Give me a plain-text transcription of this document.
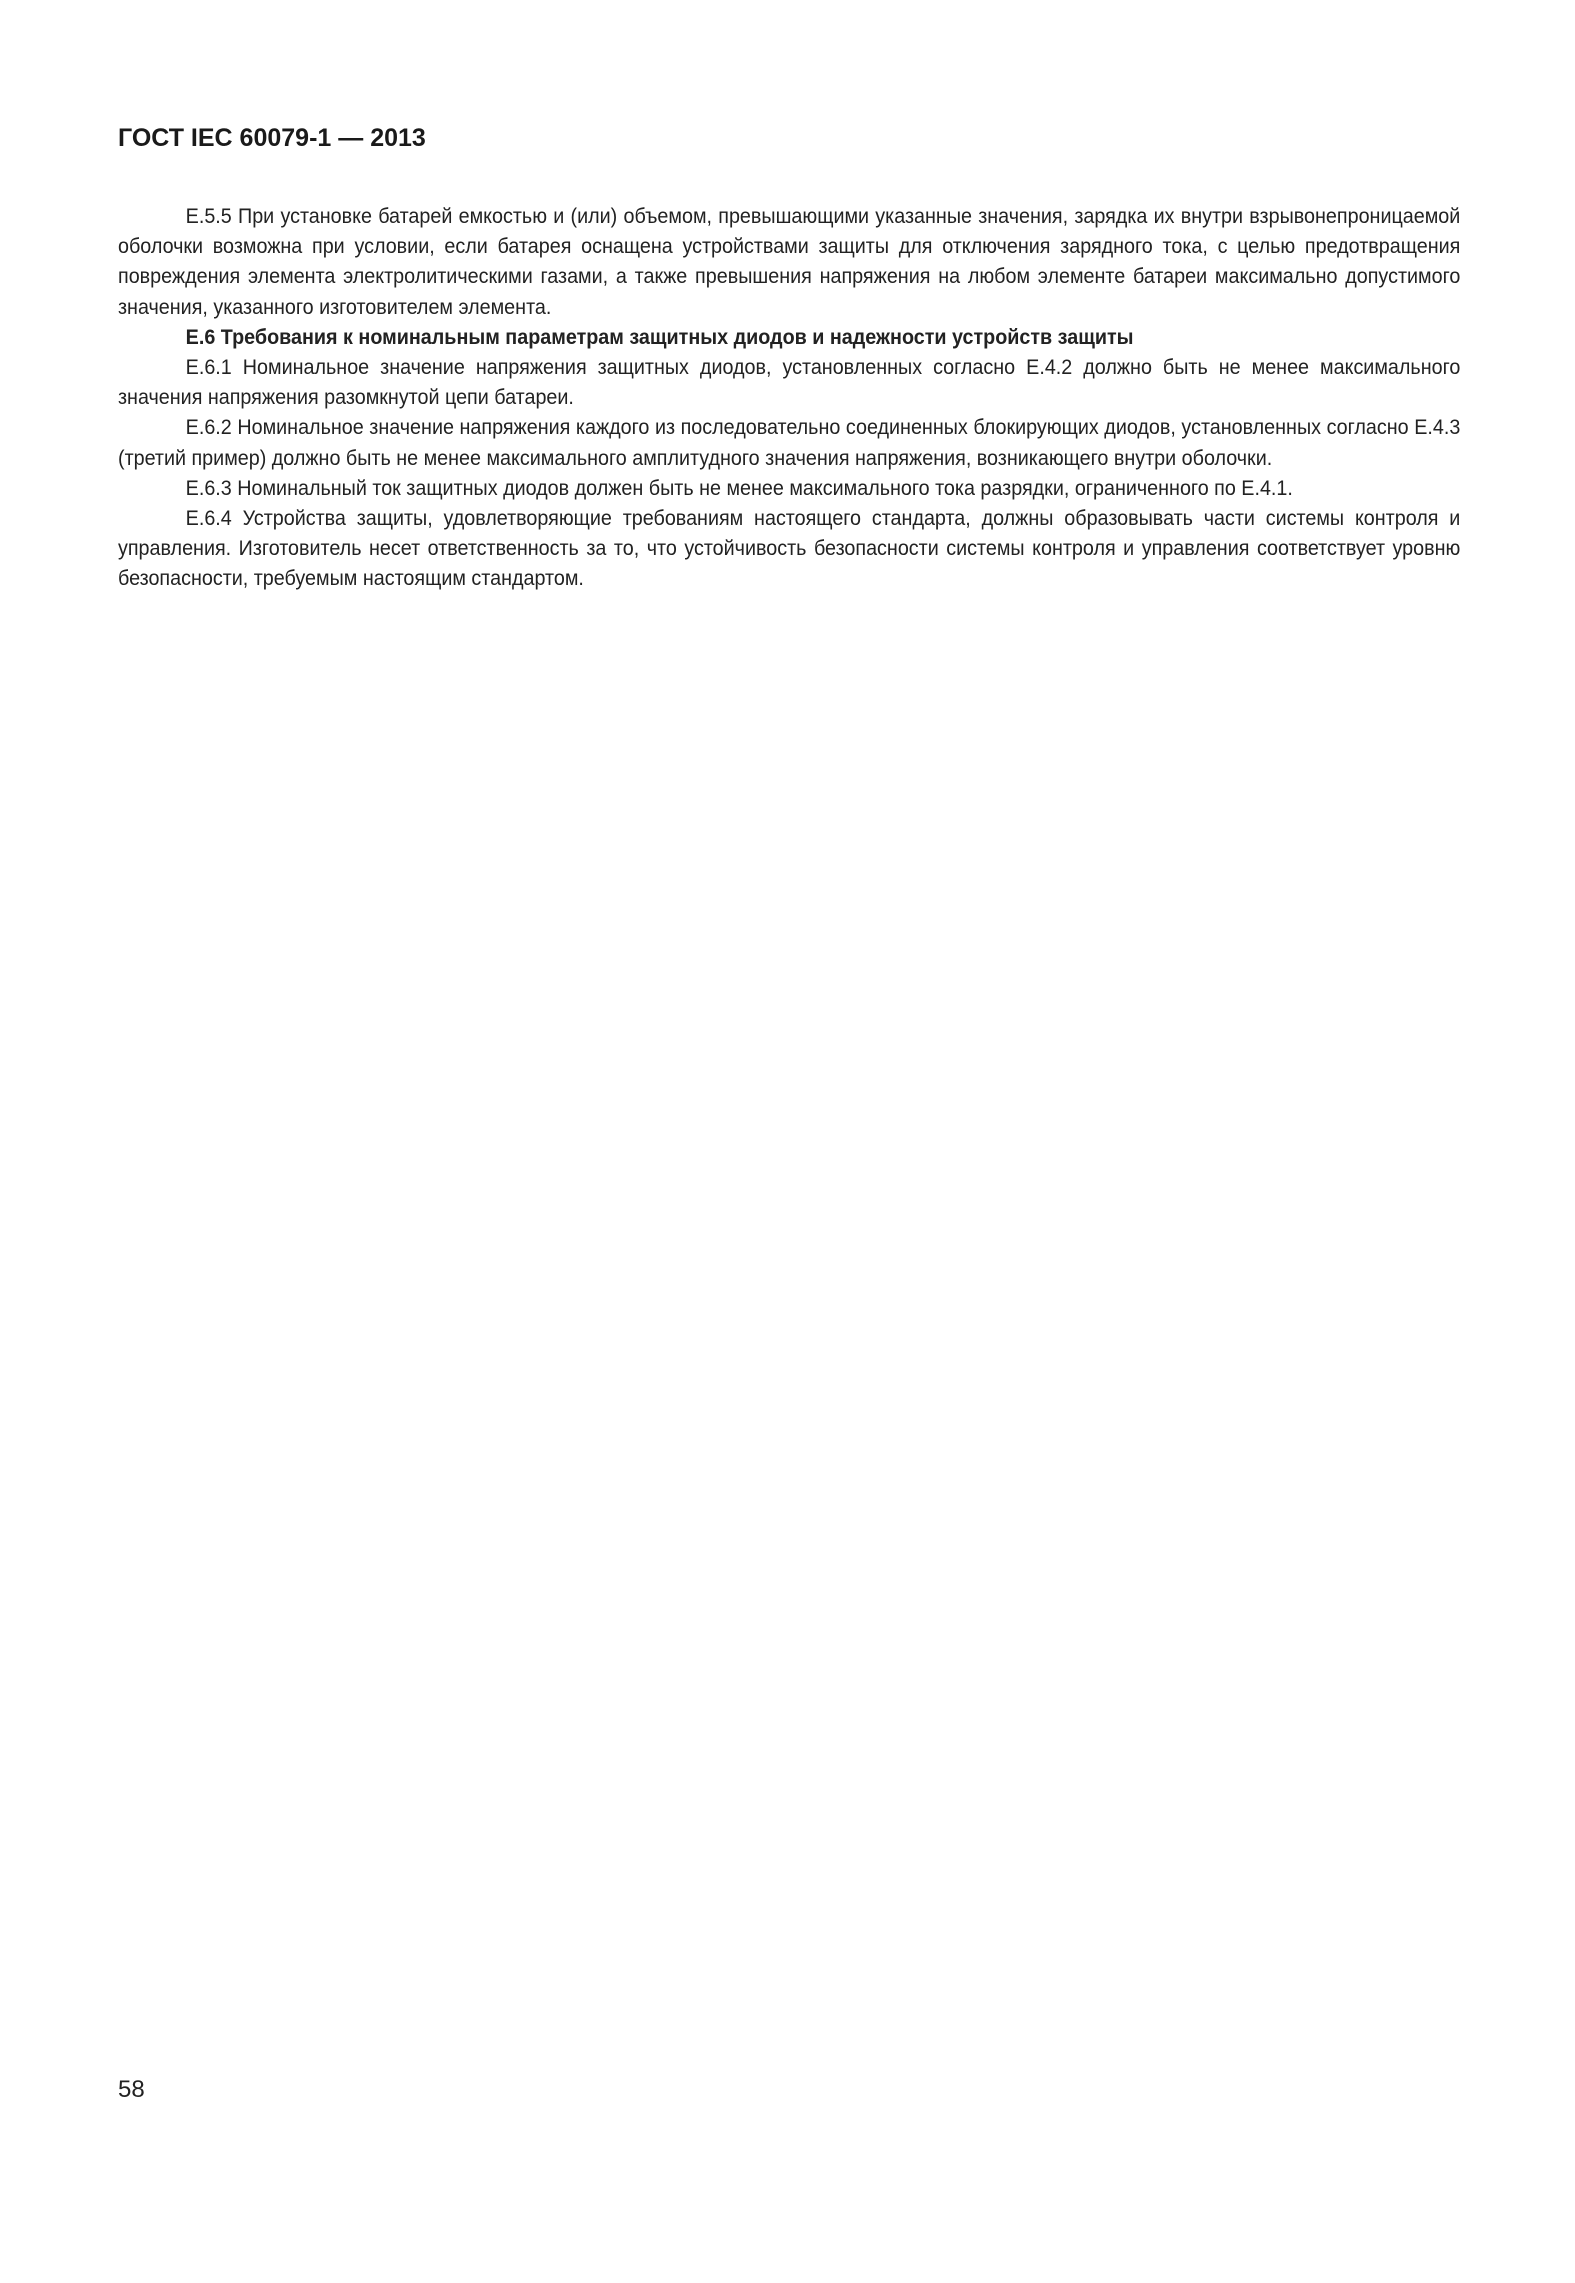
ГОСТ IEC 60079-1 — 2013

Е.5.5 При установке батарей емкостью и (или) объемом, превышающими указанные значения, зарядка их внутри взрывонепроницаемой оболочки возможна при условии, если батарея оснащена устройствами защиты для отключения зарядного тока, с целью предотвращения повреждения элемента электролитическими газами, а также превышения напряжения на любом элементе батареи максимально допустимого значения, указанного изготовителем элемента.

Е.6 Требования к номинальным параметрам защитных диодов и надежности устройств защиты

Е.6.1 Номинальное значение напряжения защитных диодов, установленных согласно Е.4.2 должно быть не менее максимального значения напряжения разомкнутой цепи батареи.

Е.6.2 Номинальное значение напряжения каждого из последовательно соединенных блокирующих диодов, установленных согласно Е.4.3 (третий пример) должно быть не менее максимального амплитудного значения напряжения, возникающего внутри оболочки.

Е.6.3 Номинальный ток защитных диодов должен быть не менее максимального тока разрядки, ограниченного по Е.4.1.

Е.6.4 Устройства защиты, удовлетворяющие требованиям настоящего стандарта, должны образовывать части системы контроля и управления. Изготовитель несет ответственность за то, что устойчивость безопасности системы контроля и управления соответствует уровню безопасности, требуемым настоящим стандартом.

58
